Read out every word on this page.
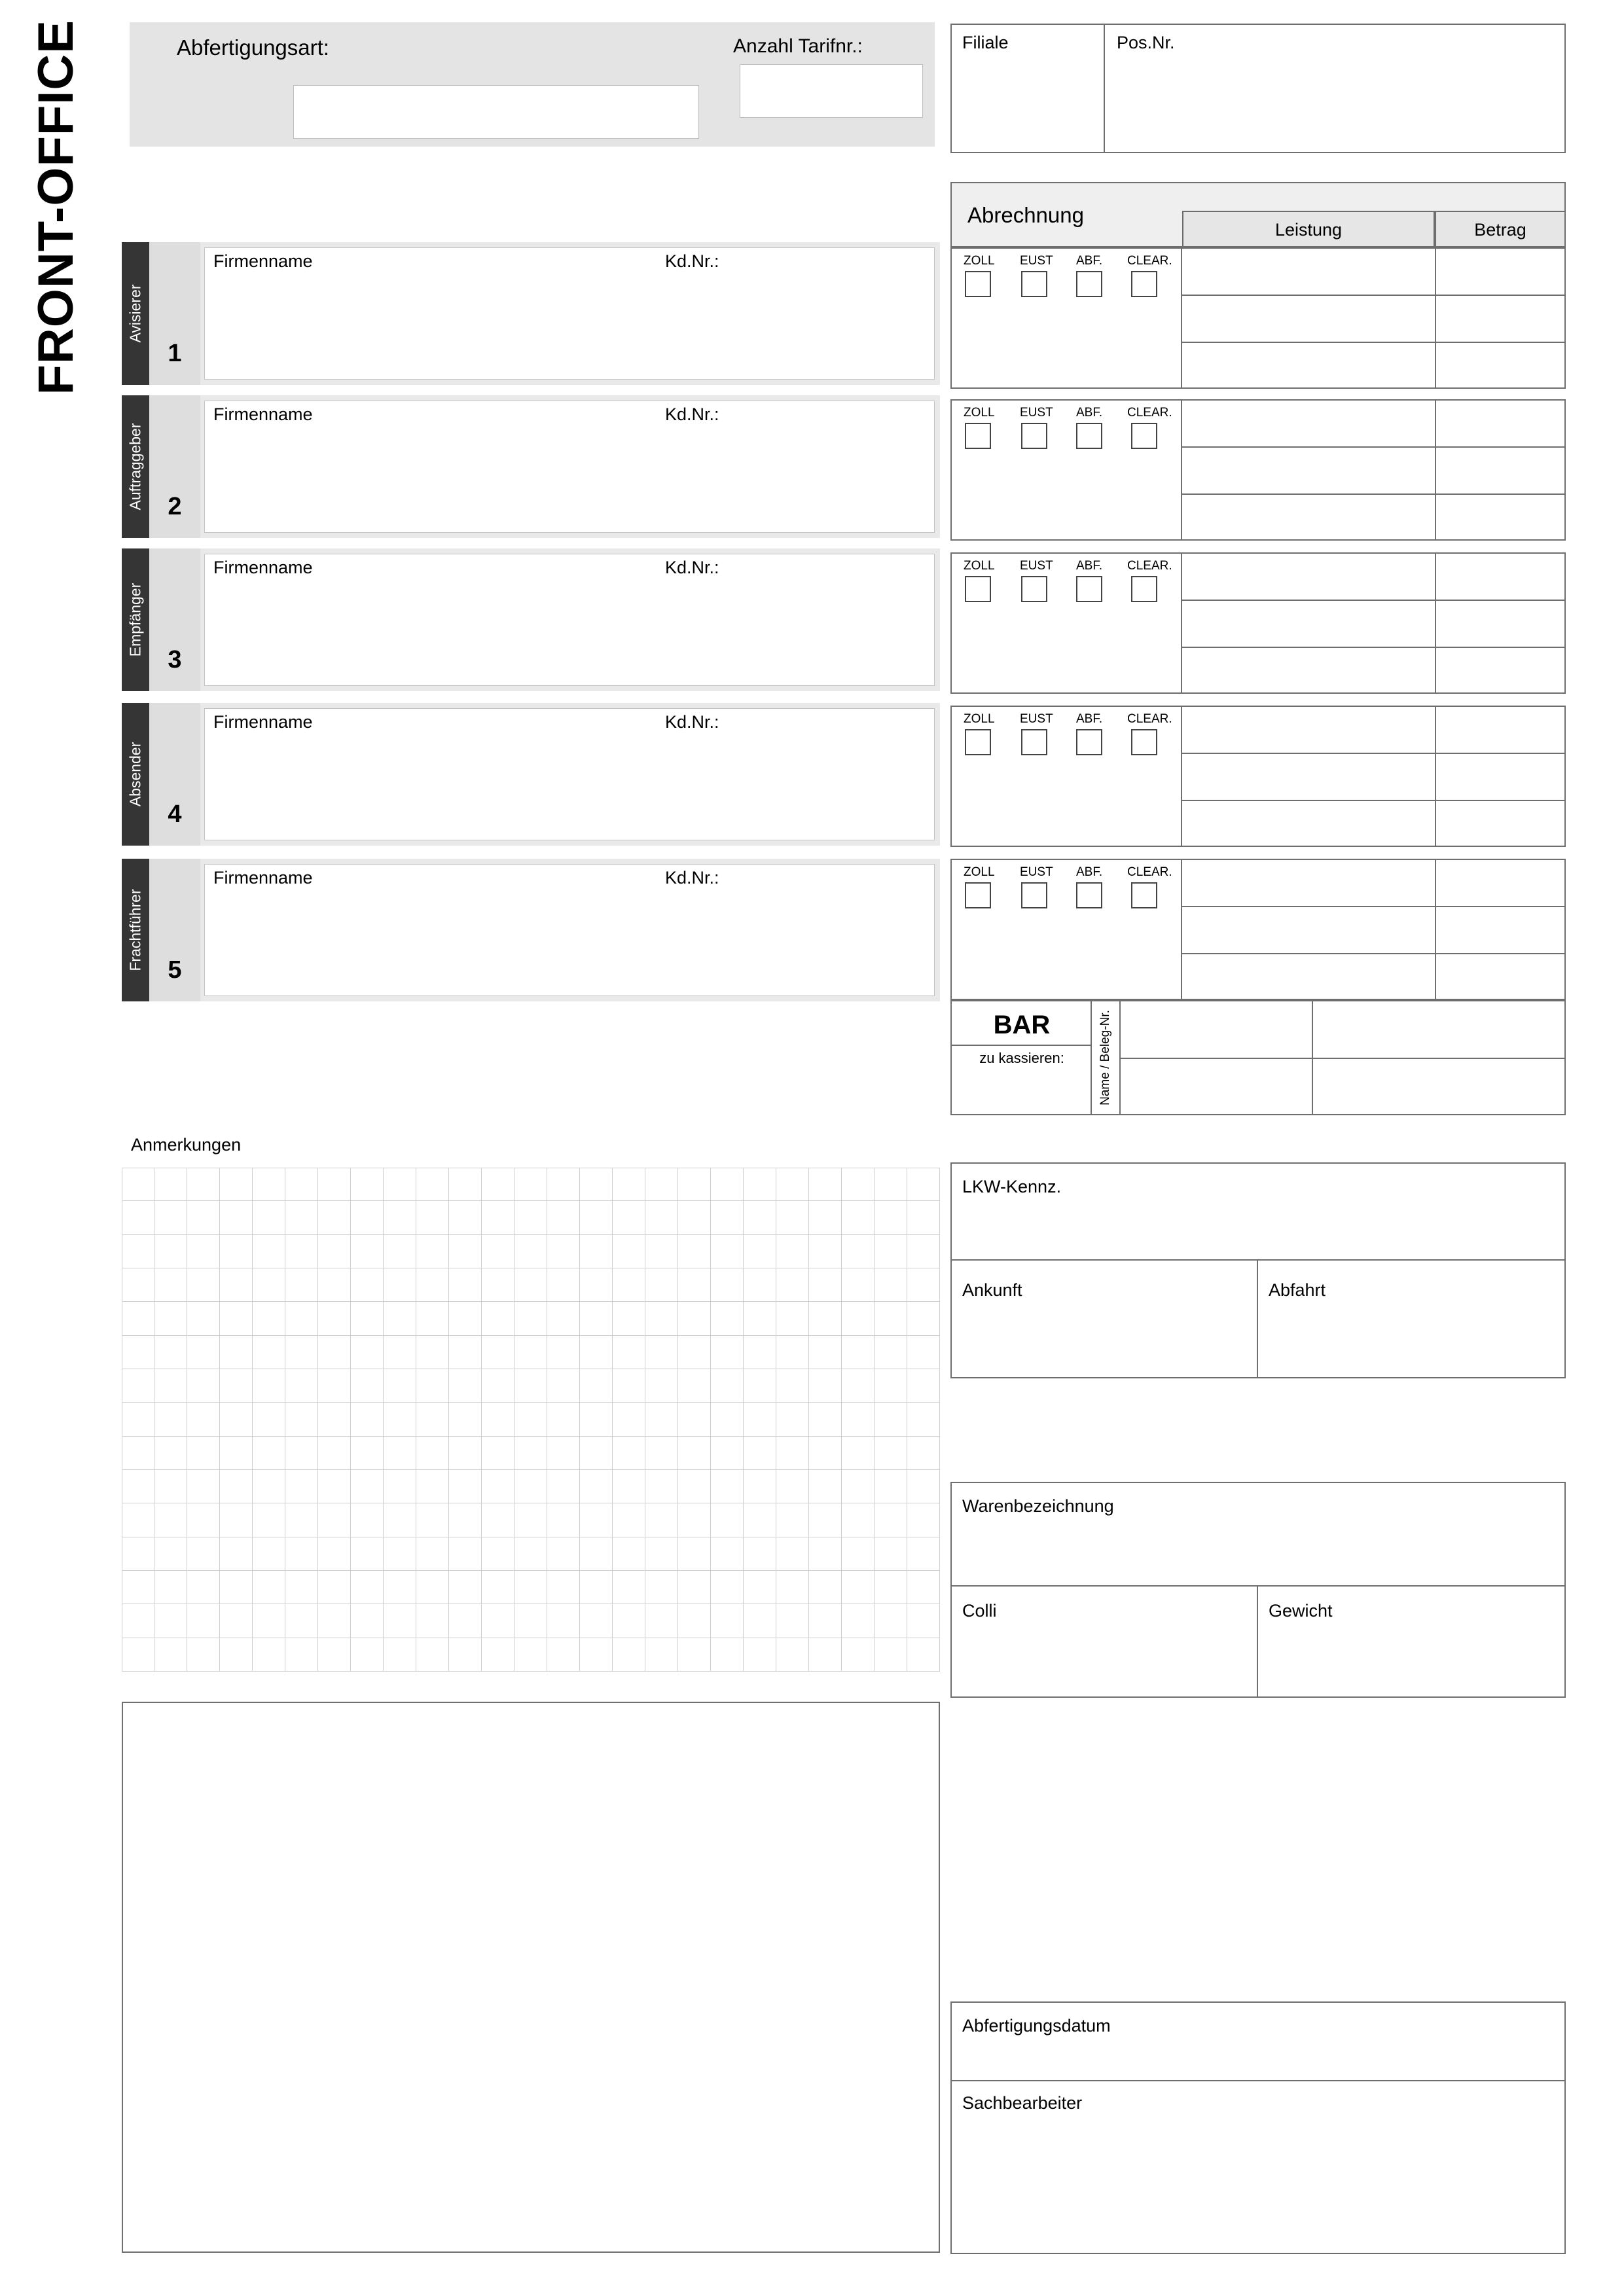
FRONT-OFFICE	Abfertigungsart:	Anzahl Tarifnr.:	Filiale	Pos.Nr.
Abrechnung
Leistung	Betrag
Avisierer
1
Firmenname	Kd.Nr.:
Auftraggeber 2
Firmenname	Kd.Nr.:
Empfänger
3
Firmenname	Kd.Nr.:
Absender
4
Firmenname	Kd.Nr.:
Frachtführer 5
Firmenname	Kd.Nr.:
ZOLL EUST ABF. CLEAR.
ZOLL EUST ABF. CLEAR.
ZOLL EUST ABF. CLEAR.
ZOLL EUST ABF. CLEAR.
ZOLL EUST ABF. CLEAR.
BAR
zu kassieren:	Name / Beleg-Nr.
Anmerkungen
LKW-Kennz.
Ankunft	Abfahrt
Warenbezeichnung
Colli	Gewicht
Abfertigungsdatum
Sachbearbeiter
